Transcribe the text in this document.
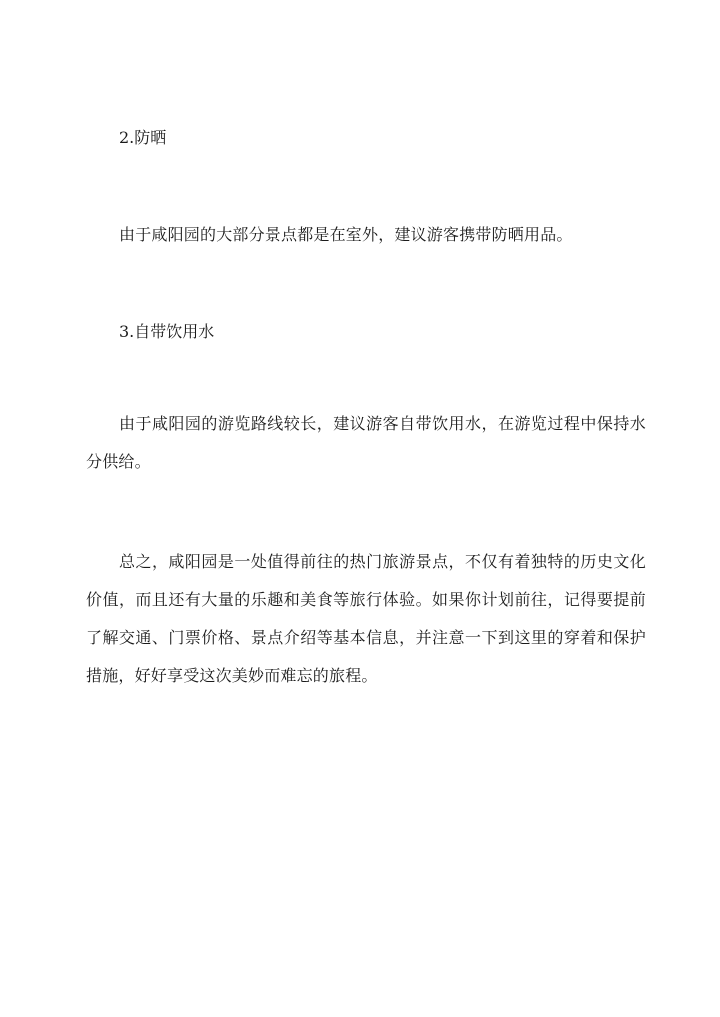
2.防晒

由于咸阳园的大部分景点都是在室外，建议游客携带防晒用品。

3.自带饮用水

由于咸阳园的游览路线较长，建议游客自带饮用水，在游览过程中保持水分供给。

总之，咸阳园是一处值得前往的热门旅游景点，不仅有着独特的历史文化价值，而且还有大量的乐趣和美食等旅行体验。如果你计划前往，记得要提前了解交通、门票价格、景点介绍等基本信息，并注意一下到这里的穿着和保护措施，好好享受这次美妙而难忘的旅程。
